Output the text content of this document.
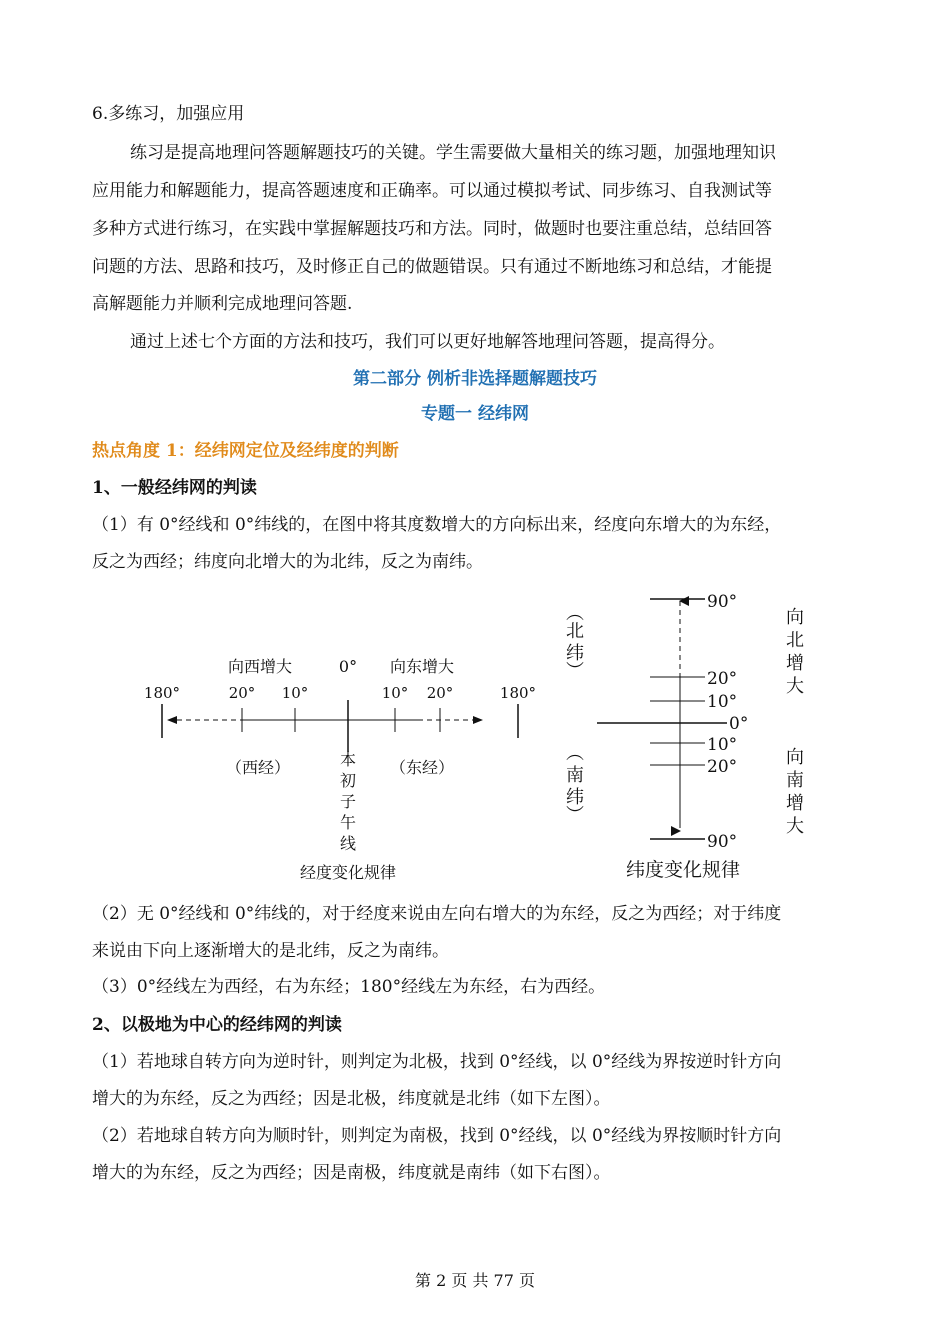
6.多练习，加强应用
练习是提高地理问答题解题技巧的关键。学生需要做大量相关的练习题，加强地理知识
应用能力和解题能力，提高答题速度和正确率。可以通过模拟考试、同步练习、自我测试等
多种方式进行练习，在实践中掌握解题技巧和方法。同时，做题时也要注重总结，总结回答
问题的方法、思路和技巧，及时修正自己的做题错误。只有通过不断地练习和总结，才能提
高解题能力并顺利完成地理问答题.
通过上述七个方面的方法和技巧，我们可以更好地解答地理问答题，提高得分。
第二部分 例析非选择题解题技巧
专题一 经纬网
热点角度 1：经纬网定位及经纬度的判断
1、一般经纬网的判读
（1）有 0°经线和 0°纬线的，在图中将其度数增大的方向标出来，经度向东增大的为东经，
反之为西经；纬度向北增大的为北纬，反之为南纬。
向西增大	0° 向东增大
180°	20° 10°	10° 20°	180°
（西经）	（东经）
本
初
子
午
线
经度变化规律
90°
20°
10°
0°
10°
20°
90°
︵
北
纬
︶
︵
南
纬
︶
向
北
增
大
向
南
增
大
纬度变化规律
（2）无 0°经线和 0°纬线的，对于经度来说由左向右增大的为东经，反之为西经；对于纬度
来说由下向上逐渐增大的是北纬，反之为南纬。
（3）0°经线左为西经，右为东经；180°经线左为东经，右为西经。
2、以极地为中心的经纬网的判读
（1）若地球自转方向为逆时针，则判定为北极，找到 0°经线，以 0°经线为界按逆时针方向
增大的为东经，反之为西经；因是北极，纬度就是北纬（如下左图）。
（2）若地球自转方向为顺时针，则判定为南极，找到 0°经线，以 0°经线为界按顺时针方向
增大的为东经，反之为西经；因是南极，纬度就是南纬（如下右图）。
第 2 页 共 77 页
